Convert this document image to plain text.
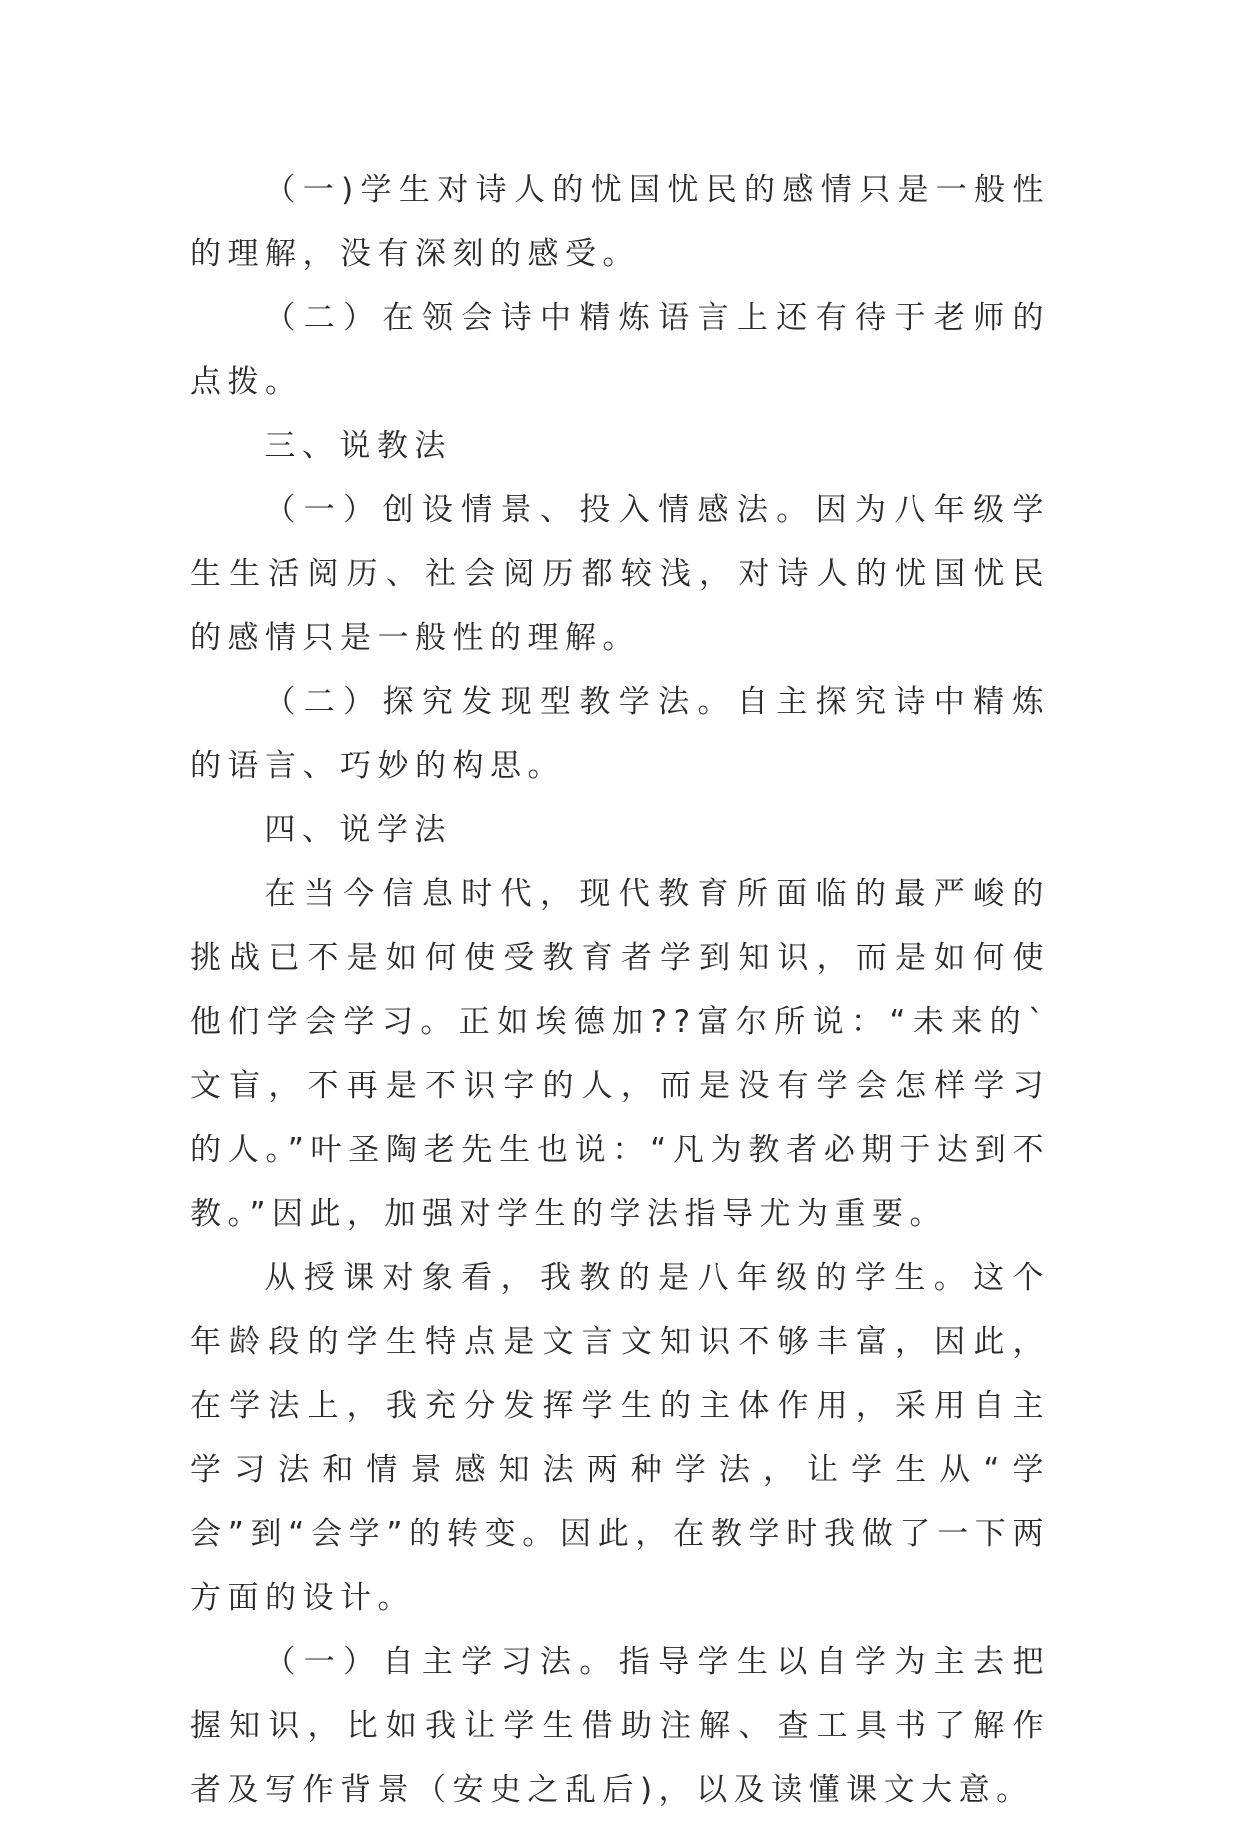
（一)学生对诗人的忧国忧民的感情只是一般性的理解，没有深刻的感受。

（二）在领会诗中精炼语言上还有待于老师的点拨。

三、说教法

（一）创设情景、投入情感法。因为八年级学生生活阅历、社会阅历都较浅，对诗人的忧国忧民的感情只是一般性的理解。

（二）探究发现型教学法。自主探究诗中精炼的语言、巧妙的构思。

四、说学法

在当今信息时代，现代教育所面临的最严峻的挑战已不是如何使受教育者学到知识，而是如何使他们学会学习。正如埃德加??富尔所说：“未来的`文盲，不再是不识字的人，而是没有学会怎样学习的人。”叶圣陶老先生也说：“凡为教者必期于达到不教。”因此，加强对学生的学法指导尤为重要。

从授课对象看，我教的是八年级的学生。这个年龄段的学生特点是文言文知识不够丰富，因此，在学法上，我充分发挥学生的主体作用，采用自主学习法和情景感知法两种学法，让学生从“学会”到“会学”的转变。因此，在教学时我做了一下两方面的设计。

（一）自主学习法。指导学生以自学为主去把握知识，比如我让学生借助注解、查工具书了解作者及写作背景（安史之乱后)，以及读懂课文大意。
